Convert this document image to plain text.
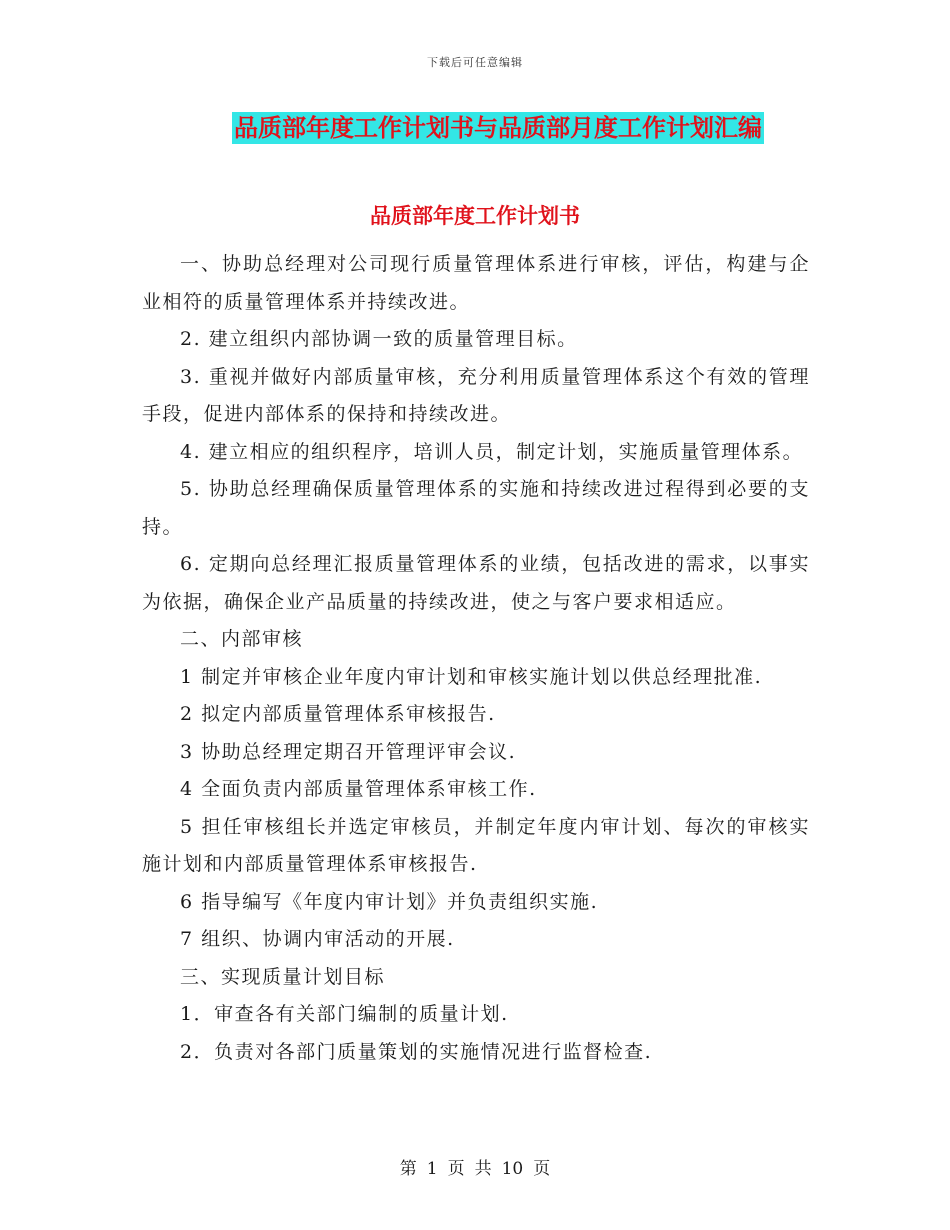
下载后可任意编辑
品质部年度工作计划书与品质部月度工作计划汇编
品质部年度工作计划书

一、协助总经理对公司现行质量管理体系进行审核，评估，构建与企业相符的质量管理体系并持续改进。

2. 建立组织内部协调一致的质量管理目标。

3. 重视并做好内部质量审核，充分利用质量管理体系这个有效的管理手段，促进内部体系的保持和持续改进。

4. 建立相应的组织程序，培训人员，制定计划，实施质量管理体系。

5. 协助总经理确保质量管理体系的实施和持续改进过程得到必要的支持。

6. 定期向总经理汇报质量管理体系的业绩，包括改进的需求，以事实为依据，确保企业产品质量的持续改进，使之与客户要求相适应。

二、内部审核

1 制定并审核企业年度内审计划和审核实施计划以供总经理批准.

2 拟定内部质量管理体系审核报告.

3 协助总经理定期召开管理评审会议.

4 全面负责内部质量管理体系审核工作.

5 担任审核组长并选定审核员，并制定年度内审计划、每次的审核实施计划和内部质量管理体系审核报告.

6 指导编写《年度内审计划》并负责组织实施.

7 组织、协调内审活动的开展.

三、实现质量计划目标

1．审查各有关部门编制的质量计划.

2．负责对各部门质量策划的实施情况进行监督检查.

第 1 页 共 10 页
